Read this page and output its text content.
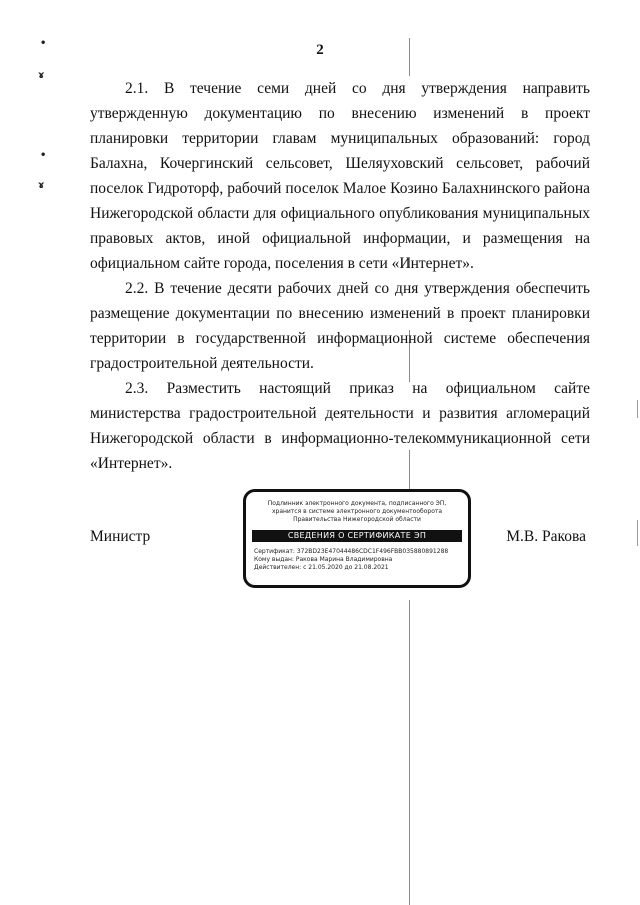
•
ɤ
•
ɤ
2

2.1. В течение семи дней со дня утверждения направить утвержденную документацию по внесению изменений в проект планировки территории главам муниципальных образований: город Балахна, Кочергинский сельсовет, Шеляуховский сельсовет, рабочий поселок Гидроторф, рабочий поселок Малое Козино Балахнинского района Нижегородской области для официального опубликования муниципальных правовых актов, иной официальной информации, и размещения на официальном сайте города, поселения в сети «Интернет».

2.2. В течение десяти рабочих дней со дня утверждения обеспечить размещение документации по внесению изменений в проект планировки территории в государственной информационной системе обеспечения градостроительной деятельности.

2.3. Разместить настоящий приказ на официальном сайте министерства градостроительной деятельности и развития агломераций Нижегородской области в информационно-телекоммуникационной сети «Интернет».

Министр
Подлинник электронного документа, подписанного ЭП,
хранится в системе электронного документооборота
Правительства Нижегородской области
СВЕДЕНИЯ О СЕРТИФИКАТЕ ЭП
Сертификат: 372BD23E47044486CDC1F496FBB035880891288
Кому выдан: Ракова Марина Владимировна
Действителен: с 21.05.2020 до 21.08.2021
М.В. Ракова
